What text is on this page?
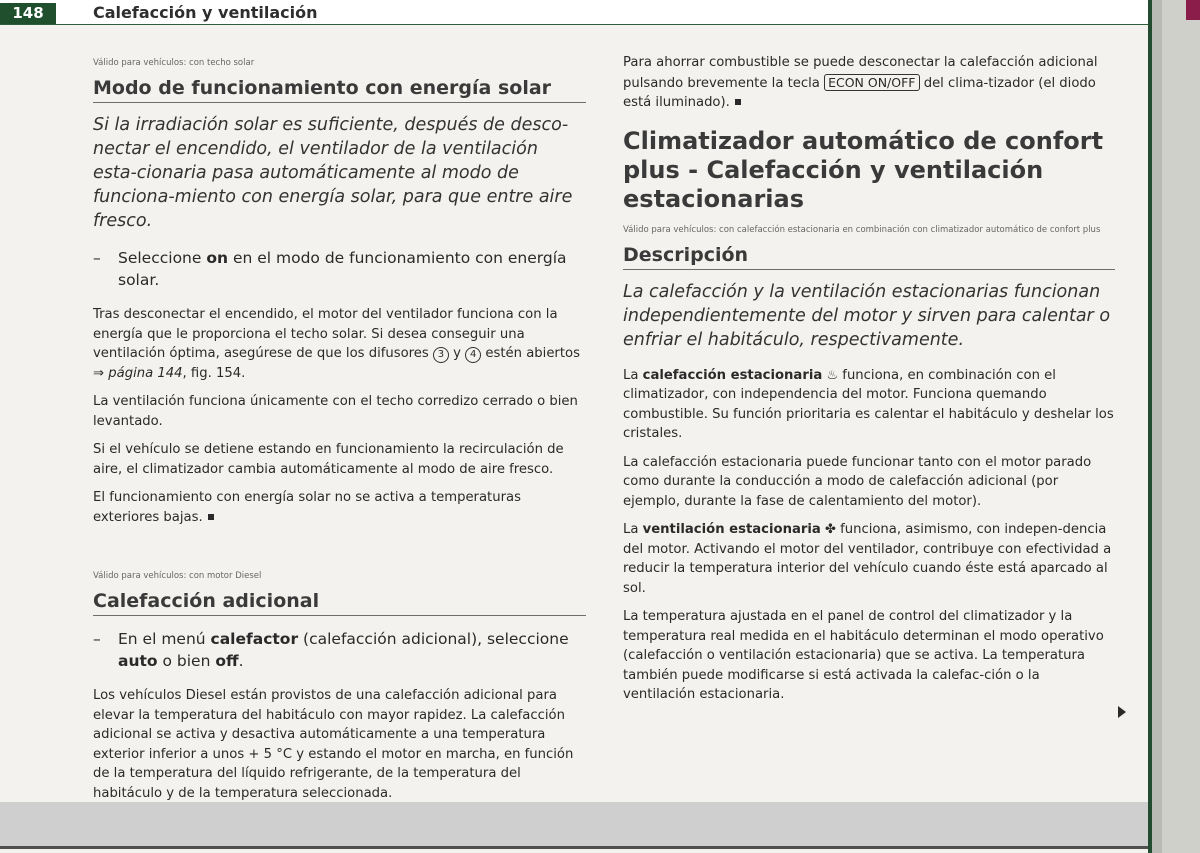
148	Calefacción y ventilación
Válido para vehículos: con techo solar
Modo de funcionamiento con energía solar
Si la irradiación solar es suficiente, después de desco-nectar el encendido, el ventilador de la ventilación esta-cionaria pasa automáticamente al modo de funciona-miento con energía solar, para que entre aire fresco.
– Seleccione on en el modo de funcionamiento con energía solar.

Tras desconectar el encendido, el motor del ventilador funciona con la energía que le proporciona el techo solar. Si desea conseguir una ventilación óptima, asegúrese de que los difusores 3 y 4 estén abiertos ⇒ página 144, fig. 154.

La ventilación funciona únicamente con el techo corredizo cerrado o bien levantado.

Si el vehículo se detiene estando en funcionamiento la recirculación de aire, el climatizador cambia automáticamente al modo de aire fresco.

El funcionamiento con energía solar no se activa a temperaturas exteriores bajas.

Válido para vehículos: con motor Diesel
Calefacción adicional
– En el menú calefactor (calefacción adicional), seleccione auto o bien off.

Los vehículos Diesel están provistos de una calefacción adicional para elevar la temperatura del habitáculo con mayor rapidez. La calefacción adicional se activa y desactiva automáticamente a una temperatura exterior inferior a unos + 5 °C y estando el motor en marcha, en función de la temperatura del líquido refrigerante, de la temperatura del habitáculo y de la temperatura seleccionada.

Para ahorrar combustible se puede desconectar la calefacción adicional pulsando brevemente la tecla ECON ON/OFF del clima-tizador (el diodo está iluminado).

Climatizador automático de confort plus - Calefacción y ventilación estacionarias
Válido para vehículos: con calefacción estacionaria en combinación con climatizador automático de confort plus
Descripción
La calefacción y la ventilación estacionarias funcionan independientemente del motor y sirven para calentar o enfriar el habitáculo, respectivamente.

La calefacción estacionaria ♨ funciona, en combinación con el climatizador, con independencia del motor. Funciona quemando combustible. Su función prioritaria es calentar el habitáculo y deshelar los cristales.

La calefacción estacionaria puede funcionar tanto con el motor parado como durante la conducción a modo de calefacción adicional (por ejemplo, durante la fase de calentamiento del motor).

La ventilación estacionaria ✤ funciona, asimismo, con indepen-dencia del motor. Activando el motor del ventilador, contribuye con efectividad a reducir la temperatura interior del vehículo cuando éste está aparcado al sol.

La temperatura ajustada en el panel de control del climatizador y la temperatura real medida en el habitáculo determinan el modo operativo (calefacción o ventilación estacionaria) que se activa. La temperatura también puede modificarse si está activada la calefac-ción o la ventilación estacionaria.
